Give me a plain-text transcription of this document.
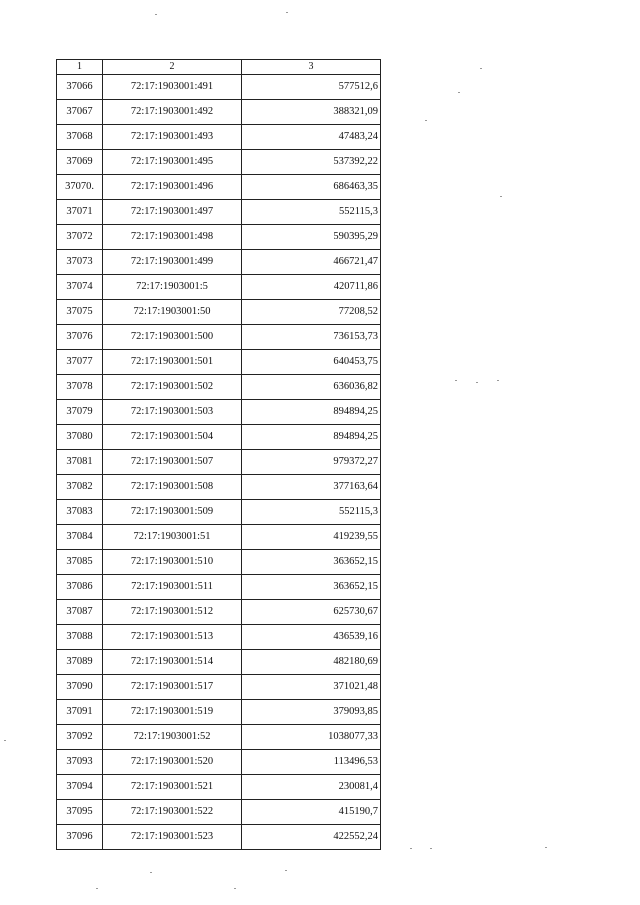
1	2	3
37066	72:17:1903001:491	577512,6
37067	72:17:1903001:492	388321,09
37068	72:17:1903001:493	47483,24
37069	72:17:1903001:495	537392,22
37070.	72:17:1903001:496	686463,35
37071	72:17:1903001:497	552115,3
37072	72:17:1903001:498	590395,29
37073	72:17:1903001:499	466721,47
37074	72:17:1903001:5	420711,86
37075	72:17:1903001:50	77208,52
37076	72:17:1903001:500	736153,73
37077	72:17:1903001:501	640453,75
37078	72:17:1903001:502	636036,82
37079	72:17:1903001:503	894894,25
37080	72:17:1903001:504	894894,25
37081	72:17:1903001:507	979372,27
37082	72:17:1903001:508	377163,64
37083	72:17:1903001:509	552115,3
37084	72:17:1903001:51	419239,55
37085	72:17:1903001:510	363652,15
37086	72:17:1903001:511	363652,15
37087	72:17:1903001:512	625730,67
37088	72:17:1903001:513	436539,16
37089	72:17:1903001:514	482180,69
37090	72:17:1903001:517	371021,48
37091	72:17:1903001:519	379093,85
37092	72:17:1903001:52	1038077,33
37093	72:17:1903001:520	113496,53
37094	72:17:1903001:521	230081,4
37095	72:17:1903001:522	415190,7
37096	72:17:1903001:523	422552,24
